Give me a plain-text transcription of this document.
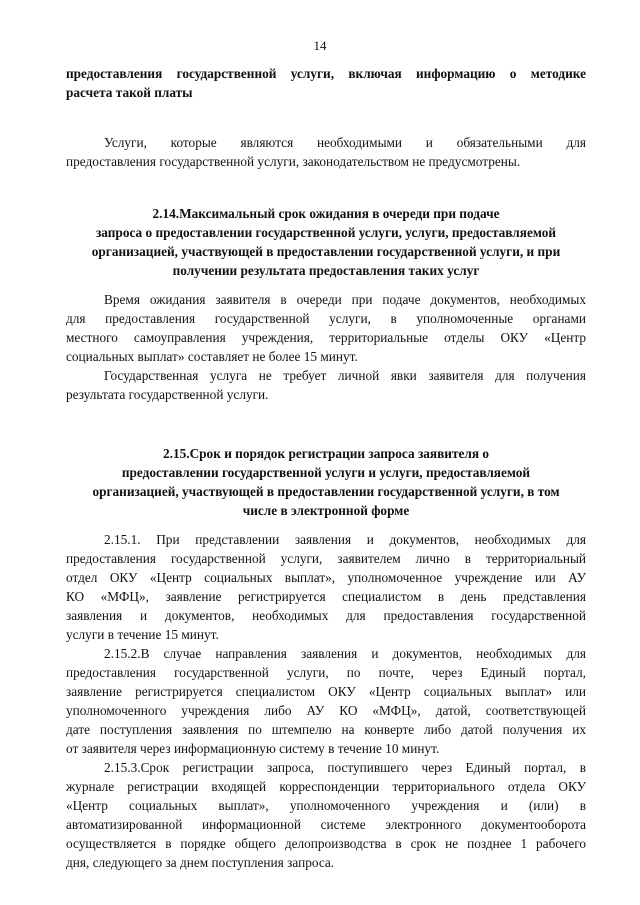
14
предоставления государственной услуги, включая информацию о методике
расчета такой платы
Услуги, которые являются необходимыми и обязательными для
предоставления государственной услуги, законодательством не предусмотрены.
2.14.Максимальный срок ожидания в очереди при подаче
запроса о предоставлении государственной услуги, услуги, предоставляемой
организацией, участвующей в предоставлении государственной услуги, и при
получении результата предоставления таких услуг
Время ожидания заявителя в очереди при подаче документов, необходимых
для предоставления государственной услуги, в уполномоченные органами
местного самоуправления учреждения, территориальные отделы ОКУ «Центр
социальных выплат» составляет не более 15 минут.
Государственная услуга не требует личной явки заявителя для получения
результата государственной услуги.
2.15.Срок и порядок регистрации запроса заявителя о
предоставлении государственной услуги и услуги, предоставляемой
организацией, участвующей в предоставлении государственной услуги, в том
числе в электронной форме
2.15.1. При представлении заявления и документов, необходимых для
предоставления государственной услуги, заявителем лично в территориальный
отдел ОКУ «Центр социальных выплат», уполномоченное учреждение или АУ
КО «МФЦ», заявление регистрируется специалистом в день представления
заявления и документов, необходимых для предоставления государственной
услуги в течение 15 минут.
2.15.2.В случае направления заявления и документов, необходимых для
предоставления государственной услуги, по почте, через Единый портал,
заявление регистрируется специалистом ОКУ «Центр социальных выплат» или
уполномоченного учреждения либо АУ КО «МФЦ», датой, соответствующей
дате поступления заявления по штемпелю на конверте либо датой получения их
от заявителя через информационную систему в течение 10 минут.
2.15.3.Срок регистрации запроса, поступившего через Единый портал, в
журнале регистрации входящей корреспонденции территориального отдела ОКУ
«Центр социальных выплат», уполномоченного учреждения и (или) в
автоматизированной информационной системе электронного документооборота
осуществляется в порядке общего делопроизводства в срок не позднее 1 рабочего
дня, следующего за днем поступления запроса.
